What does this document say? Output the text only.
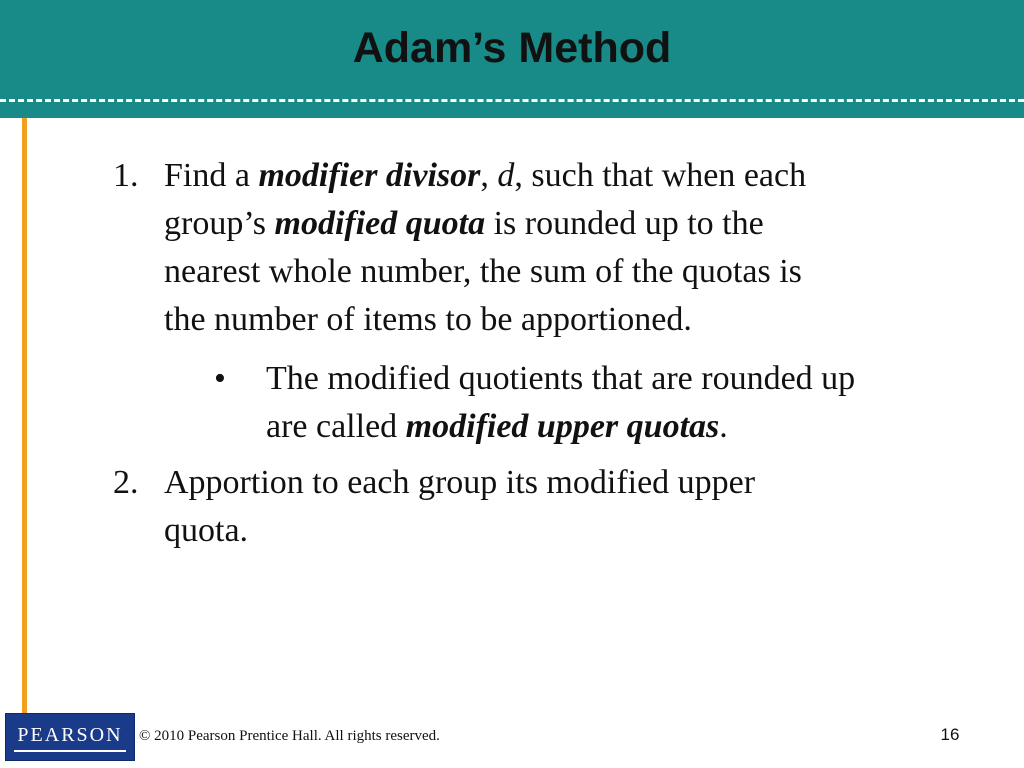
Adam’s Method
1. Find a modifier divisor, d, such that when each
group’s modified quota is rounded up to the
nearest whole number, the sum of the quotas is
the number of items to be apportioned.
•	The modified quotients that are rounded up
are called modified upper quotas.
2. Apportion to each group its modified upper
quota.
PEARSON	© 2010 Pearson Prentice Hall. All rights reserved.	16
